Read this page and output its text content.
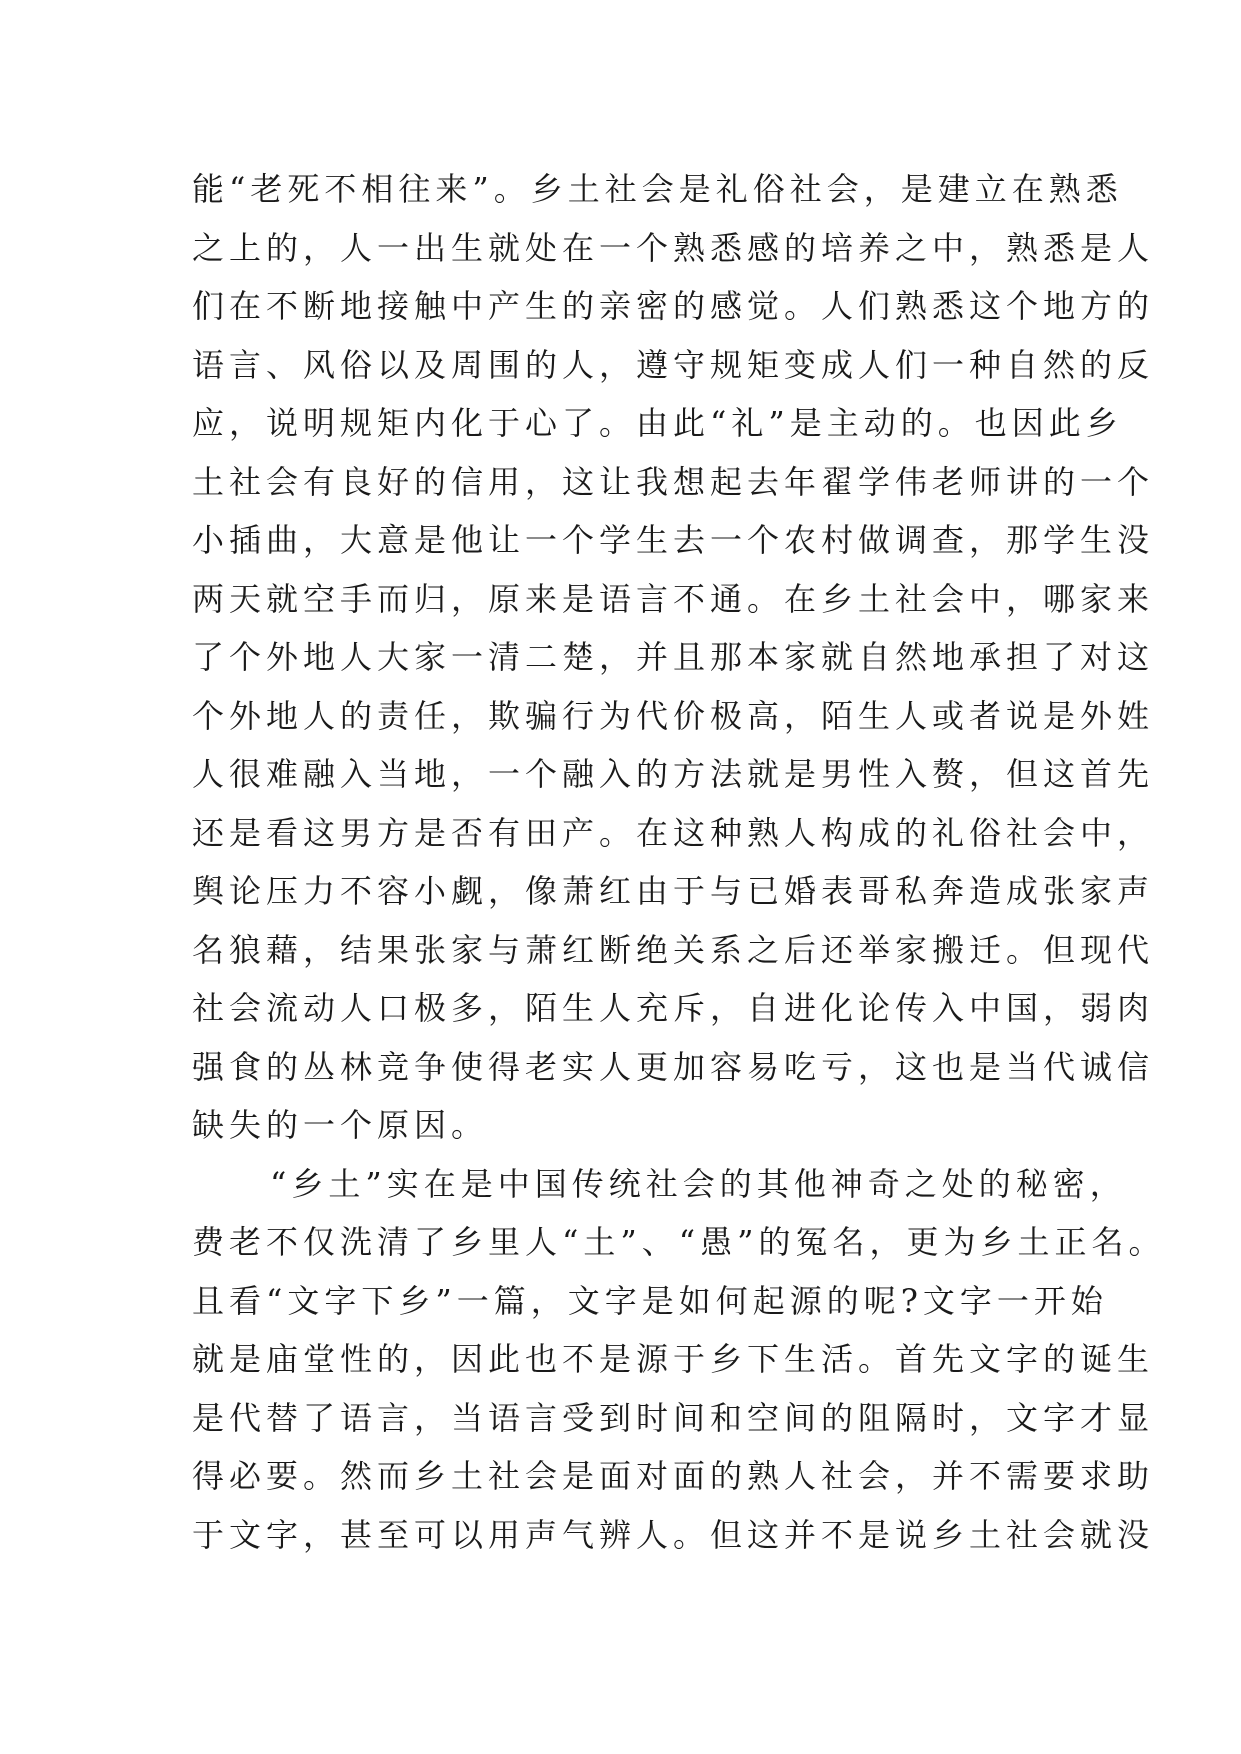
能“老死不相往来”。乡土社会是礼俗社会，是建立在熟悉
之上的，人一出生就处在一个熟悉感的培养之中，熟悉是人
们在不断地接触中产生的亲密的感觉。人们熟悉这个地方的
语言、风俗以及周围的人，遵守规矩变成人们一种自然的反
应，说明规矩内化于心了。由此“礼”是主动的。也因此乡
土社会有良好的信用，这让我想起去年翟学伟老师讲的一个
小插曲，大意是他让一个学生去一个农村做调查，那学生没
两天就空手而归，原来是语言不通。在乡土社会中，哪家来
了个外地人大家一清二楚，并且那本家就自然地承担了对这
个外地人的责任，欺骗行为代价极高，陌生人或者说是外姓
人很难融入当地，一个融入的方法就是男性入赘，但这首先
还是看这男方是否有田产。在这种熟人构成的礼俗社会中，
舆论压力不容小觑，像萧红由于与已婚表哥私奔造成张家声
名狼藉，结果张家与萧红断绝关系之后还举家搬迁。但现代
社会流动人口极多，陌生人充斥，自进化论传入中国，弱肉
强食的丛林竞争使得老实人更加容易吃亏，这也是当代诚信
缺失的一个原因。
“乡土”实在是中国传统社会的其他神奇之处的秘密，
费老不仅洗清了乡里人“土”、“愚”的冤名，更为乡土正名。
且看“文字下乡”一篇，文字是如何起源的呢?文字一开始
就是庙堂性的，因此也不是源于乡下生活。首先文字的诞生
是代替了语言，当语言受到时间和空间的阻隔时，文字才显
得必要。然而乡土社会是面对面的熟人社会，并不需要求助
于文字，甚至可以用声气辨人。但这并不是说乡土社会就没
